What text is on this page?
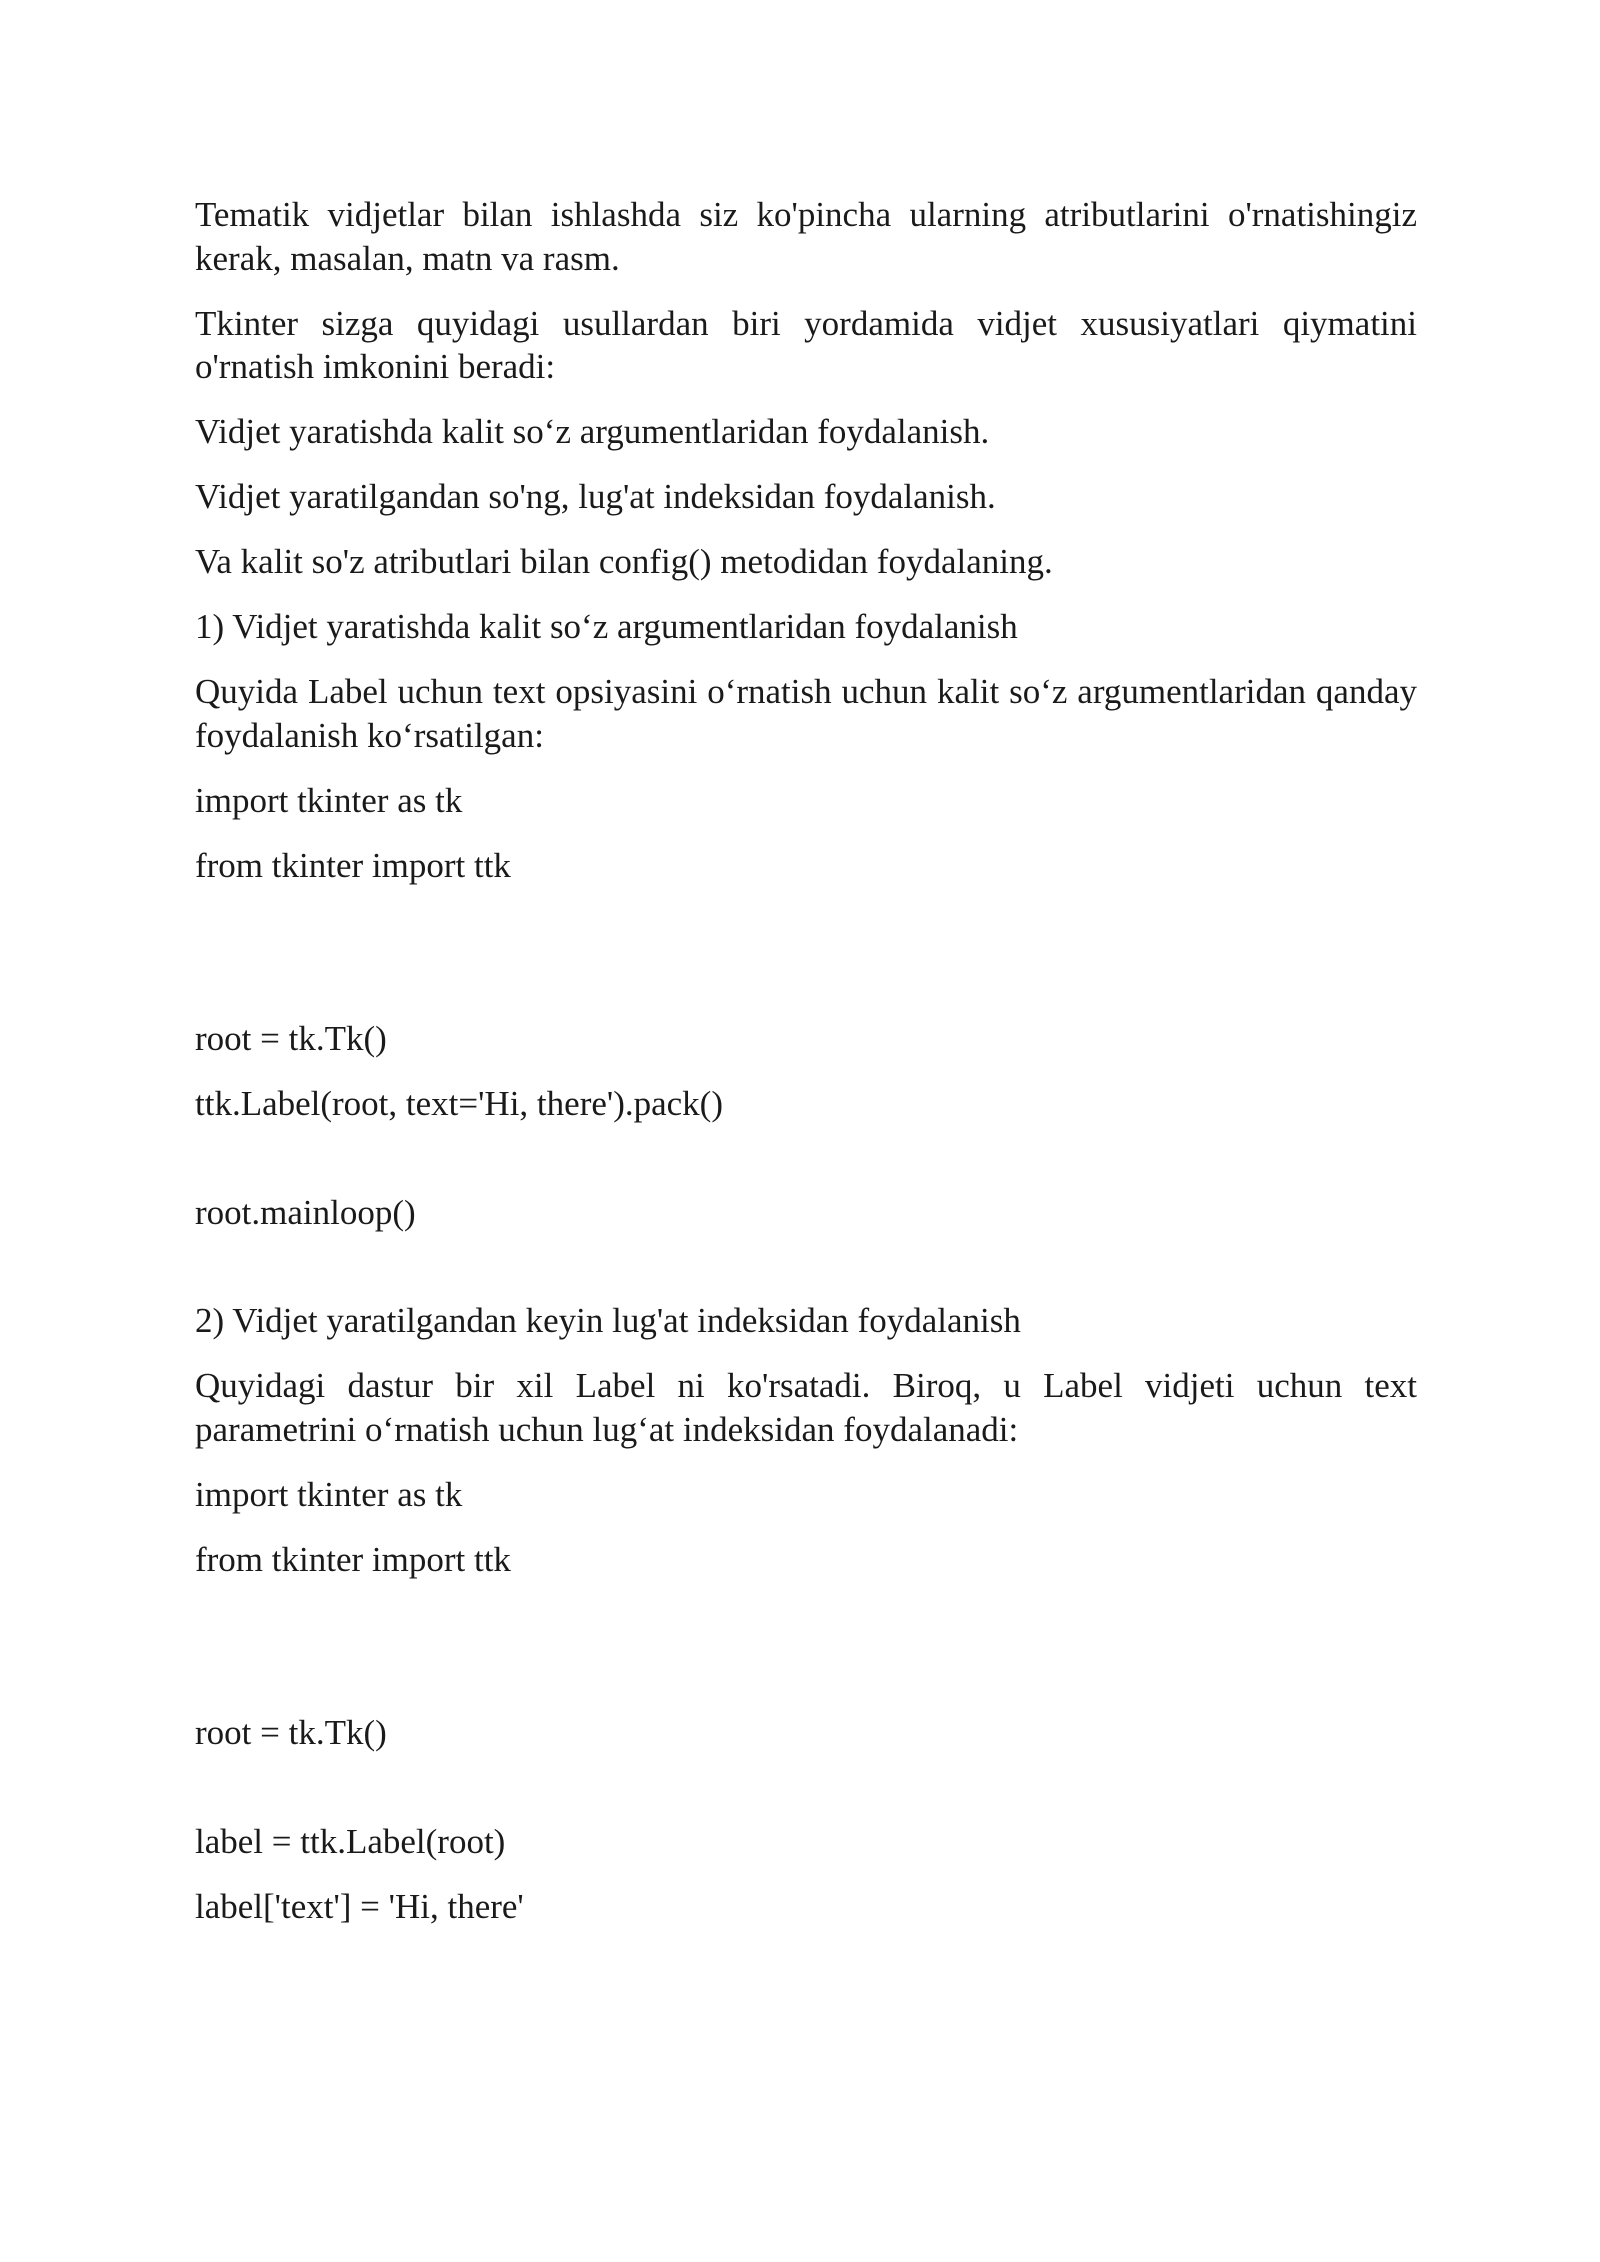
Tematik vidjetlar bilan ishlashda siz ko'pincha ularning atributlarini o'rnatishingiz kerak, masalan, matn va rasm.

Tkinter sizga quyidagi usullardan biri yordamida vidjet xususiyatlari qiymatini o'rnatish imkonini beradi:

Vidjet yaratishda kalit so‘z argumentlaridan foydalanish.

Vidjet yaratilgandan so'ng, lug'at indeksidan foydalanish.

Va kalit so'z atributlari bilan config() metodidan foydalaning.

1) Vidjet yaratishda kalit so‘z argumentlaridan foydalanish

Quyida Label uchun text opsiyasini o‘rnatish uchun kalit so‘z argumentlaridan qanday foydalanish ko‘rsatilgan:

import tkinter as tk

from tkinter import ttk

root = tk.Tk()

ttk.Label(root, text='Hi, there').pack()

root.mainloop()

2) Vidjet yaratilgandan keyin lug'at indeksidan foydalanish

Quyidagi dastur bir xil Label ni ko'rsatadi. Biroq, u Label vidjeti uchun text parametrini o‘rnatish uchun lug‘at indeksidan foydalanadi:

import tkinter as tk

from tkinter import ttk

root = tk.Tk()

label = ttk.Label(root)

label['text'] = 'Hi, there'
